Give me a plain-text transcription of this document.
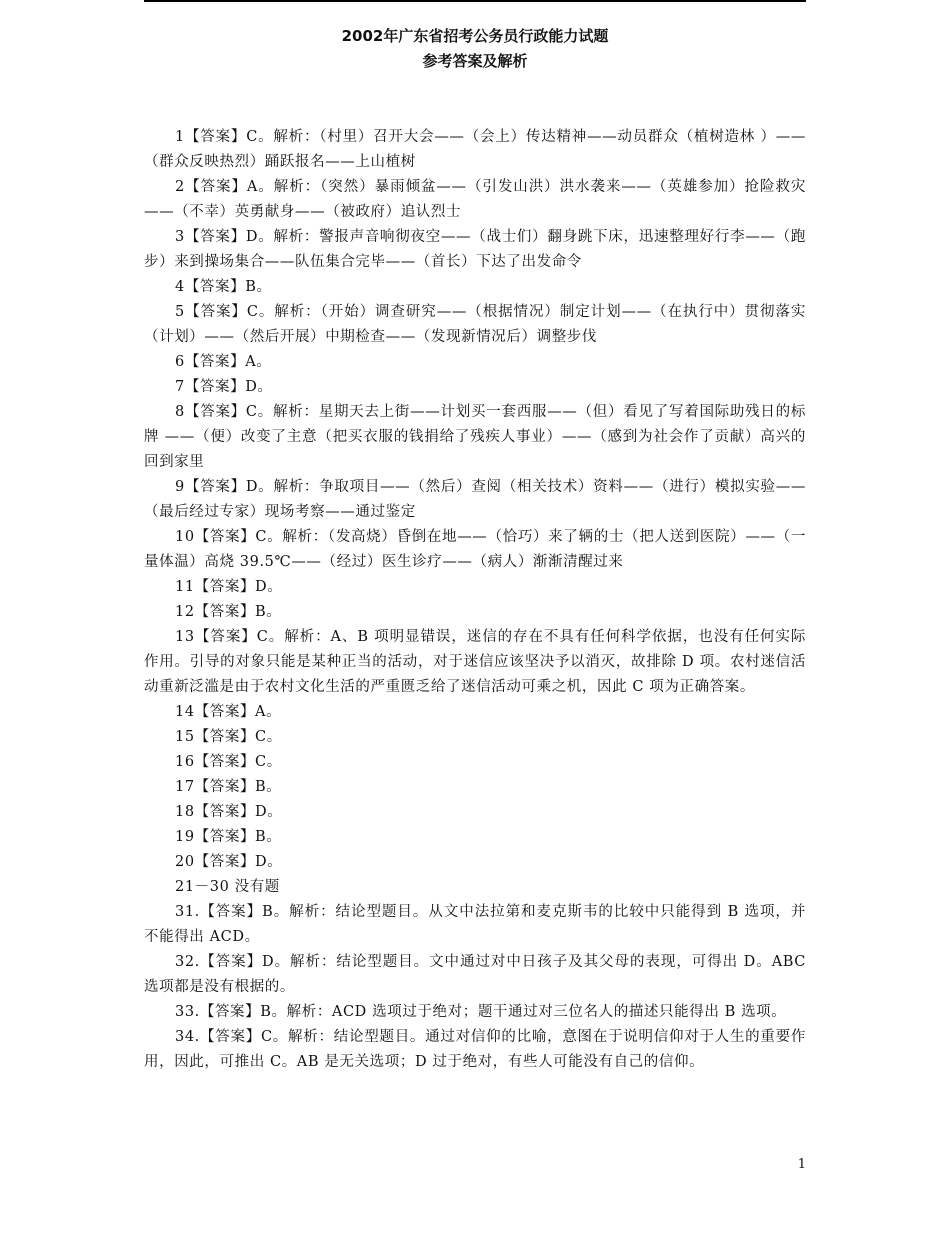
2002年广东省招考公务员行政能力试题
参考答案及解析

1【答案】C。解析：（村里）召开大会——（会上）传达精神——动员群众（植树造林 ）——（群众反映热烈）踊跃报名——上山植树

2【答案】A。解析：（突然）暴雨倾盆——（引发山洪）洪水袭来——（英雄参加）抢险救灾——（不幸）英勇献身——（被政府）追认烈士

3【答案】D。解析：警报声音响彻夜空——（战士们）翻身跳下床，迅速整理好行李——（跑步）来到操场集合——队伍集合完毕——（首长）下达了出发命令

4【答案】B。

5【答案】C。解析：（开始）调查研究——（根据情况）制定计划——（在执行中）贯彻落实（计划）——（然后开展）中期检查——（发现新情况后）调整步伐

6【答案】A。

7【答案】D。

8【答案】C。解析：星期天去上街——计划买一套西服——（但）看见了写着国际助残日的标牌 ——（便）改变了主意（把买衣服的钱捐给了残疾人事业）——（感到为社会作了贡献）高兴的回到家里

9【答案】D。解析：争取项目——（然后）查阅（相关技术）资料——（进行）模拟实验——（最后经过专家）现场考察——通过鉴定

10【答案】C。解析：（发高烧）昏倒在地——（恰巧）来了辆的士（把人送到医院）——（一量体温）高烧 39.5℃——（经过）医生诊疗——（病人）渐渐清醒过来

11【答案】D。

12【答案】B。

13【答案】C。解析：A、B 项明显错误，迷信的存在不具有任何科学依据，也没有任何实际作用。引导的对象只能是某种正当的活动，对于迷信应该坚决予以消灭，故排除 D 项。农村迷信活动重新泛滥是由于农村文化生活的严重匮乏给了迷信活动可乘之机，因此 C 项为正确答案。

14【答案】A。

15【答案】C。

16【答案】C。

17【答案】B。

18【答案】D。

19【答案】B。

20【答案】D。

21－30 没有题

31.【答案】B。解析：结论型题目。从文中法拉第和麦克斯韦的比较中只能得到 B 选项，并不能得出 ACD。

32.【答案】D。解析：结论型题目。文中通过对中日孩子及其父母的表现，可得出 D。ABC 选项都是没有根据的。

33.【答案】B。解析：ACD 选项过于绝对；题干通过对三位名人的描述只能得出 B 选项。

34.【答案】C。解析：结论型题目。通过对信仰的比喻，意图在于说明信仰对于人生的重要作用，因此，可推出 C。AB 是无关选项；D 过于绝对，有些人可能没有自己的信仰。

1
